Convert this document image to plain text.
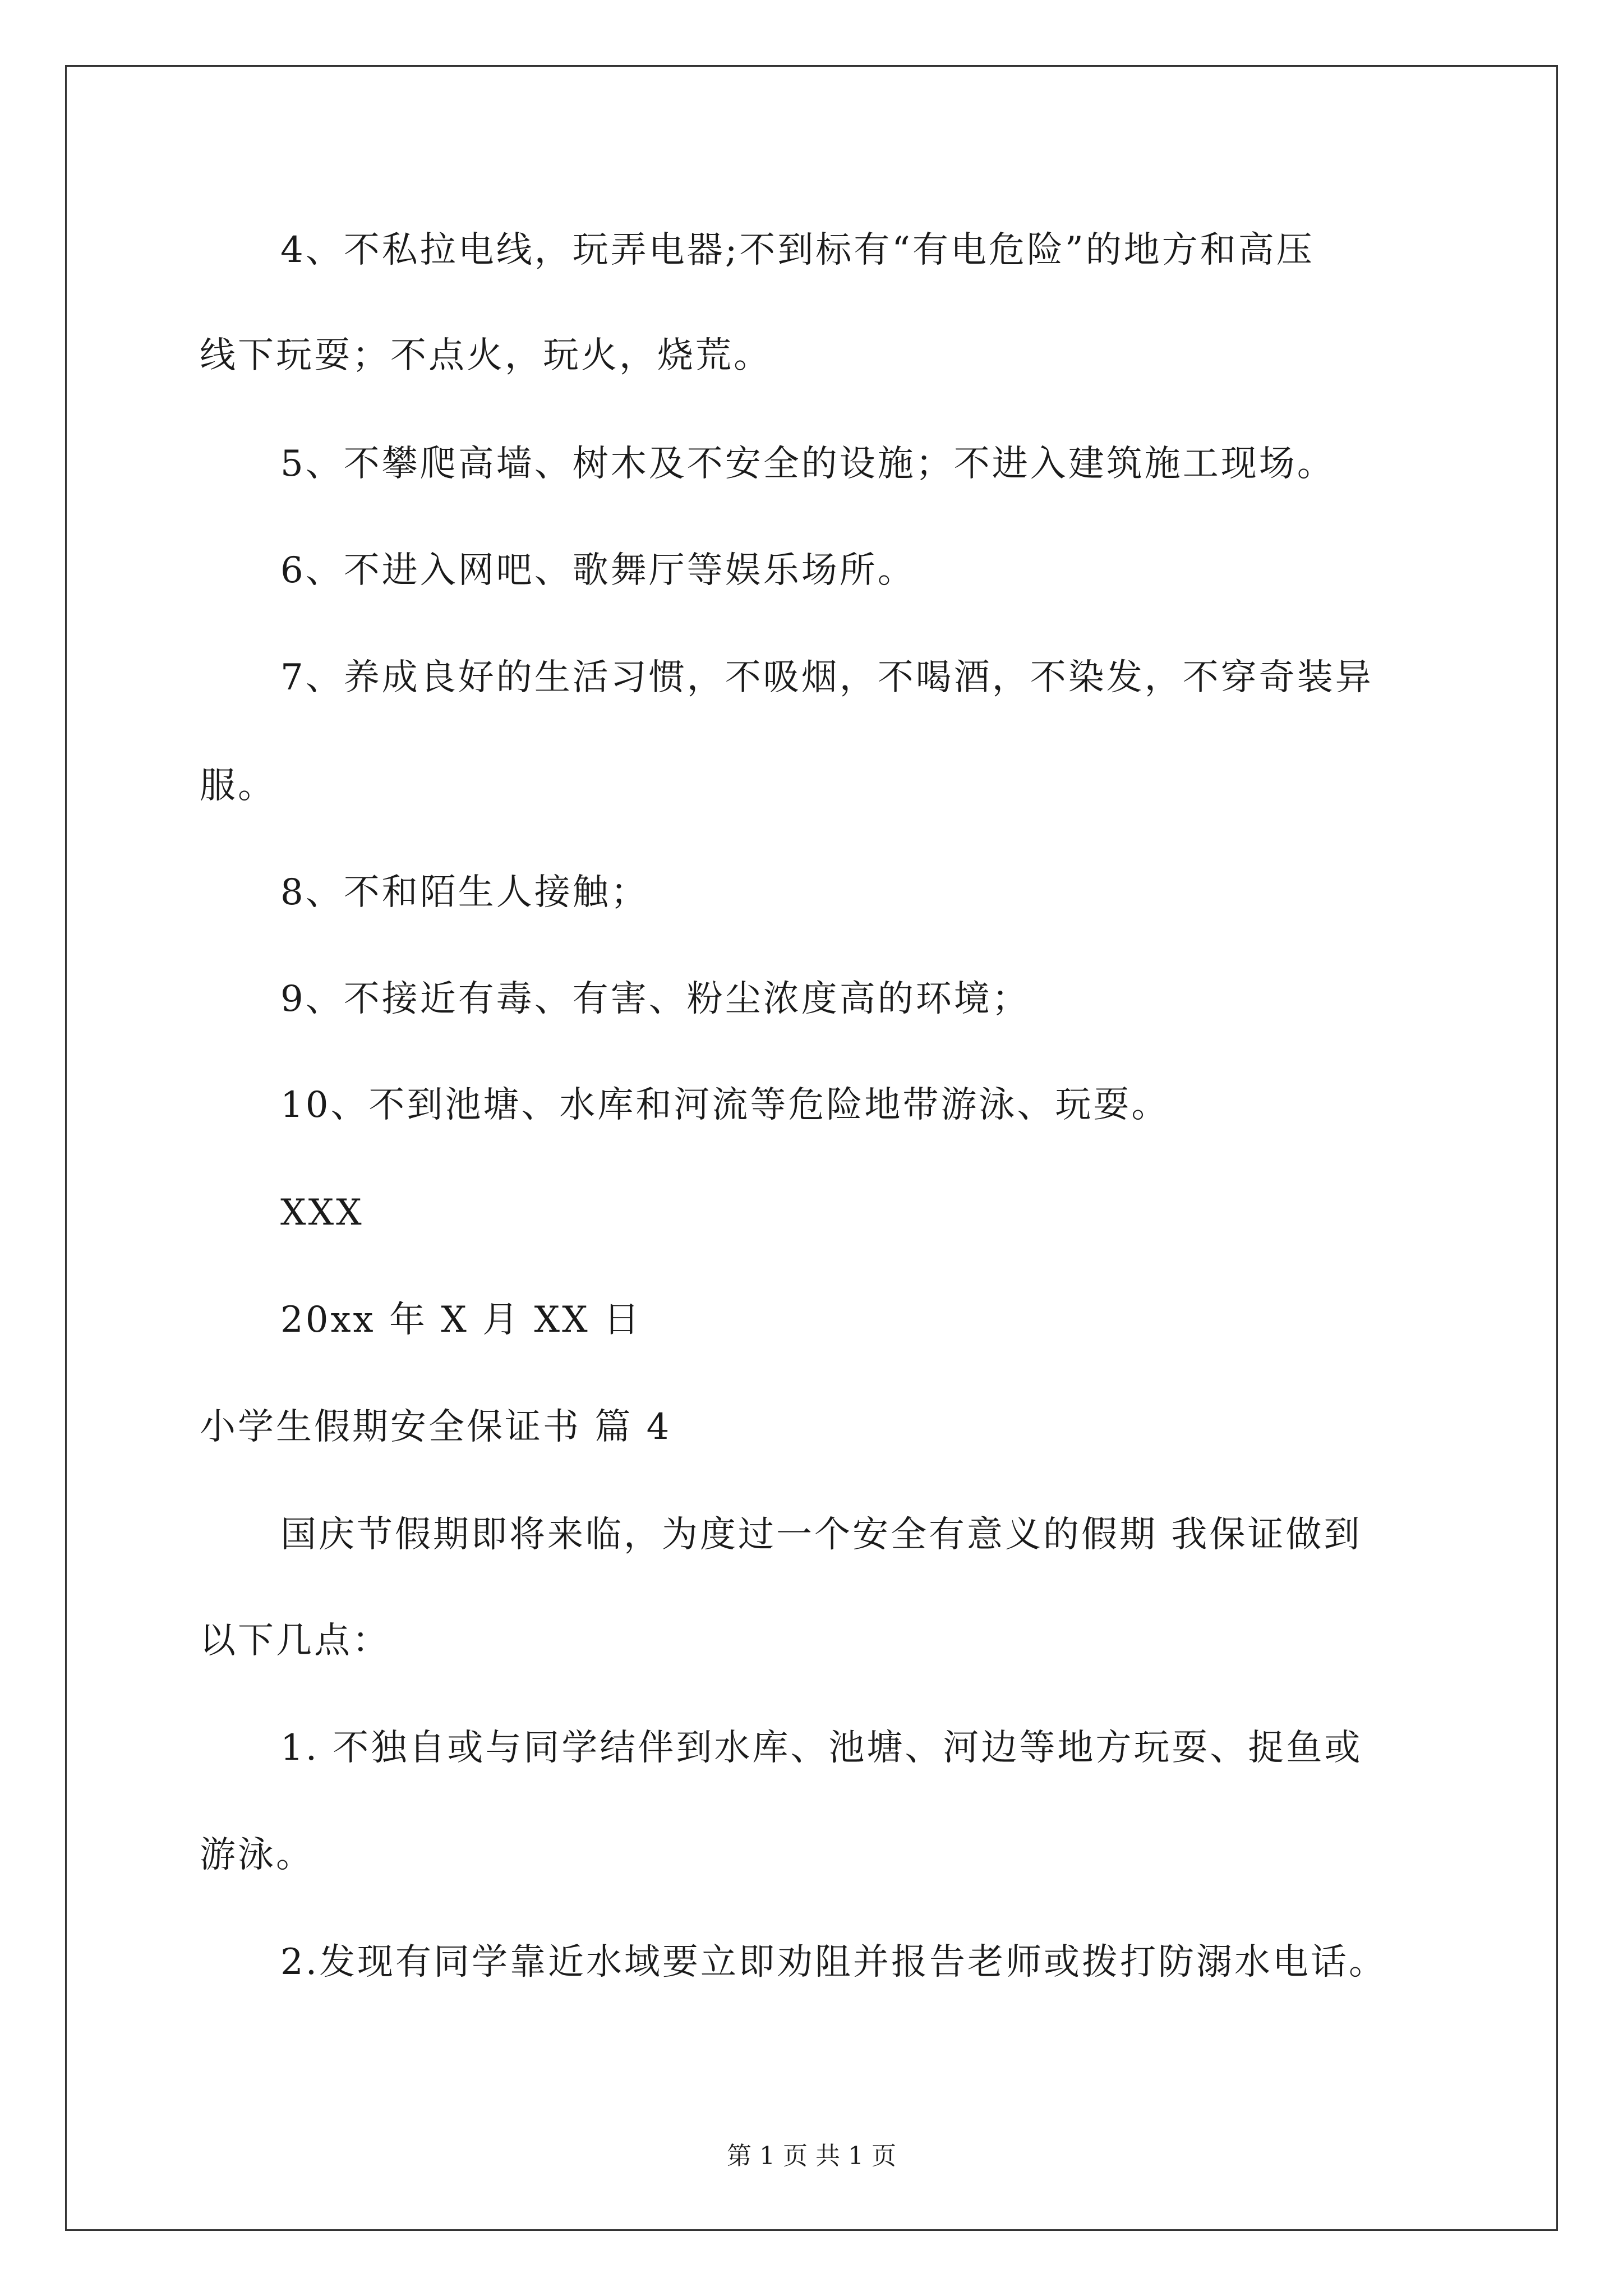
4、不私拉电线，玩弄电器;不到标有“有电危险”的地方和高压
线下玩耍；不点火，玩火，烧荒。
5、不攀爬高墙、树木及不安全的设施；不进入建筑施工现场。
6、不进入网吧、歌舞厅等娱乐场所。
7、养成良好的生活习惯，不吸烟，不喝酒，不染发，不穿奇装异
服。
8、不和陌生人接触；
9、不接近有毒、有害、粉尘浓度高的环境；
10、不到池塘、水库和河流等危险地带游泳、玩耍。
XXX
20xx 年 X 月 XX 日
小学生假期安全保证书 篇 4
国庆节假期即将来临，为度过一个安全有意义的假期 我保证做到
以下几点：
1. 不独自或与同学结伴到水库、池塘、河边等地方玩耍、捉鱼或
游泳。
2.发现有同学靠近水域要立即劝阻并报告老师或拨打防溺水电话。
第 1 页 共 1 页
